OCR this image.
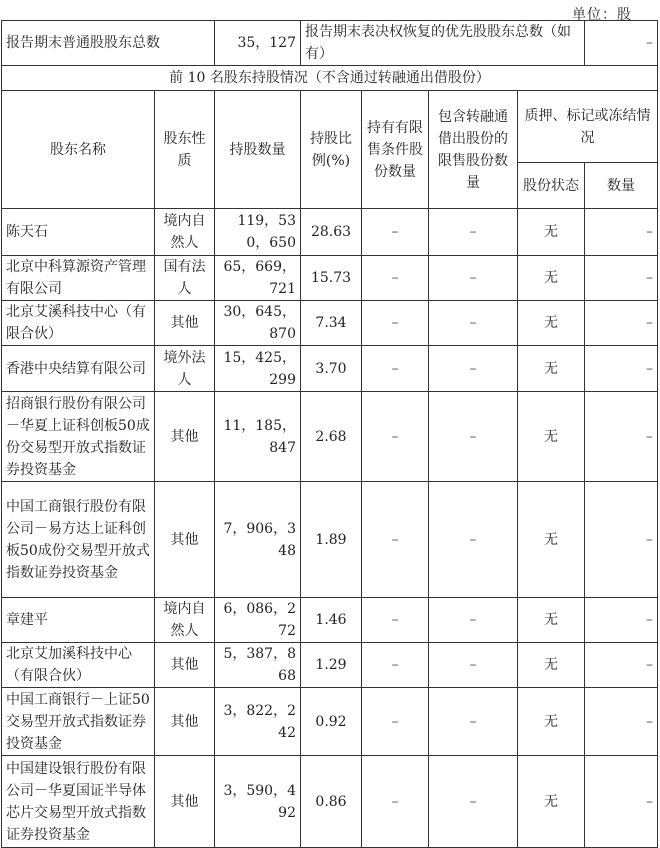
单位：股
报告期末普通股股东总数		35，127	报告期末表决权恢复的优先股股东总数（如有）				–
前 10 名股东持股情况（不含通过转融通出借股份）							
股东名称	股东性质	持股数量	持股比例(%)	持有有限售条件股份数量	包含转融通借出股份的限售股份数量	质押、标记或冻结情况	
						股份状态	数量
陈天石	境内自然人	119，530，650	28.63	–	–	无	–
北京中科算源资产管理有限公司	国有法人	65，669，721	15.73	–	–	无	–
北京艾溪科技中心（有限合伙）	其他	30，645，870	7.34	–	–	无	–
香港中央结算有限公司	境外法人	15，425，299	3.70	–	–	无	–
招商银行股份有限公司－华夏上证科创板50成份交易型开放式指数证券投资基金	其他	11，185，847	2.68	–	–	无	–
中国工商银行股份有限公司－易方达上证科创板50成份交易型开放式指数证券投资基金	其他	7，906，348	1.89	–	–	无	–
章建平	境内自然人	6，086，272	1.46	–	–	无	–
北京艾加溪科技中心（有限合伙）	其他	5，387，868	1.29	–	–	无	–
中国工商银行－上证50交易型开放式指数证券投资基金	其他	3，822，242	0.92	–	–	无	–
中国建设银行股份有限公司－华夏国证半导体芯片交易型开放式指数证券投资基金	其他	3，590，492	0.86	–	–	无	–
